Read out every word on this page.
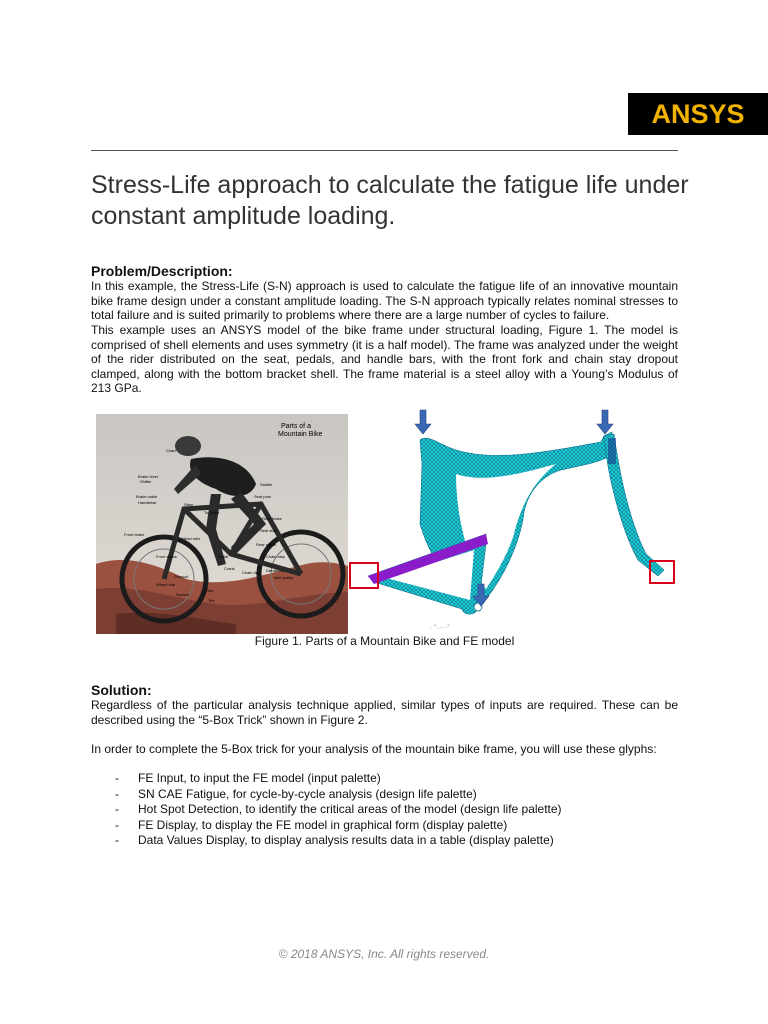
ANSYS
Stress-Life approach to calculate the fatigue life under constant amplitude loading.
Problem/Description:

In this example, the Stress-Life (S-N) approach is used to calculate the fatigue life of an innovative mountain bike frame design under a constant amplitude loading. The S-N approach typically relates nominal stresses to total failure and is suited primarily to problems where there are a large number of cycles to failure.

This example uses an ANSYS model of the bike frame under structural loading, Figure 1. The model is comprised of shell elements and uses symmetry (it is a half model). The frame was analyzed under the weight of the rider distributed on the seat, pedals, and handle bars, with the front fork and chain stay dropout clamped, along with the bottom bracket shell. The frame material is a steel alloy with a Young’s Modulus of 213 GPa.

Parts of a
Mountain Bike
Chart
Brake lever
Shifter
Brake cable
Handlebar	Stem
Top tube
Saddle
Seat post
Rear brake
Front brake
Head tube
Seat stay
Rear shock
Chain stay
Front shock	Pedal
Crank
Chain ring Derailleur
Idler pulley
Dropout
Wheel hub
Spokes
Rim
Tire
· "·.····"

Figure 1. Parts of a Mountain Bike and FE model

Solution:

Regardless of the particular analysis technique applied, similar types of inputs are required. These can be described using the “5-Box Trick” shown in Figure 2.

In order to complete the 5-Box trick for your analysis of the mountain bike frame, you will use these glyphs:

- FE Input, to input the FE model (input palette)
- SN CAE Fatigue, for cycle-by-cycle analysis (design life palette)
- Hot Spot Detection, to identify the critical areas of the model (design life palette)
- FE Display, to display the FE model in graphical form (display palette)
- Data Values Display, to display analysis results data in a table (display palette)

© 2018 ANSYS, Inc. All rights reserved.
